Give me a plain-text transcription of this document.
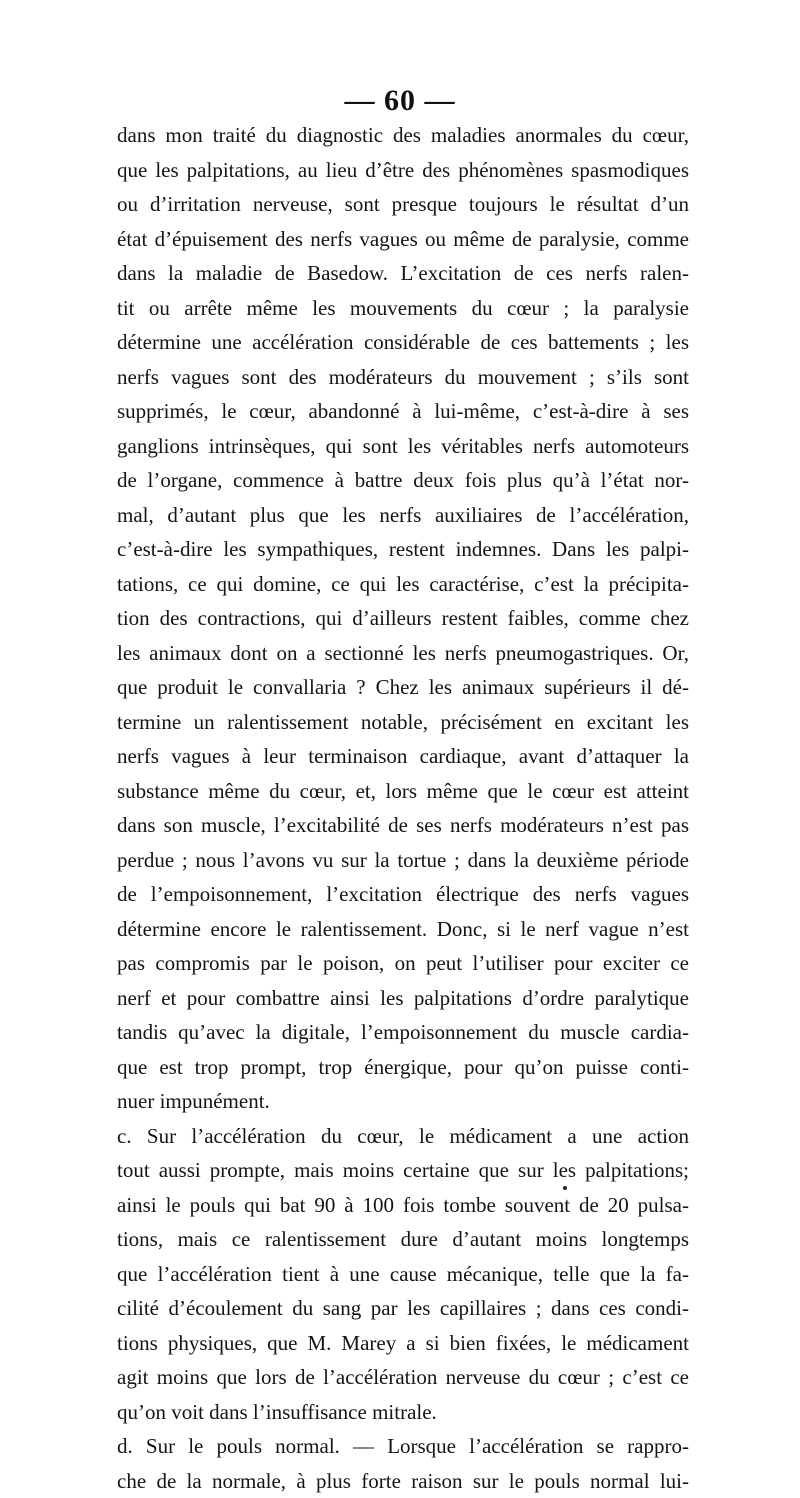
— 60 —
dans mon traité du diagnostic des maladies anormales du cœur,
que les palpitations, au lieu d’être des phénomènes spasmodiques
ou d’irritation nerveuse, sont presque toujours le résultat d’un
état d’épuisement des nerfs vagues ou même de paralysie, comme
dans la maladie de Basedow. L’excitation de ces nerfs ralen-
tit ou arrête même les mouvements du cœur ; la paralysie
détermine une accélération considérable de ces battements ; les
nerfs vagues sont des modérateurs du mouvement ; s’ils sont
supprimés, le cœur, abandonné à lui-même, c’est-à-dire à ses
ganglions intrinsèques, qui sont les véritables nerfs automoteurs
de l’organe, commence à battre deux fois plus qu’à l’état nor-
mal, d’autant plus que les nerfs auxiliaires de l’accélération,
c’est-à-dire les sympathiques, restent indemnes. Dans les palpi-
tations, ce qui domine, ce qui les caractérise, c’est la précipita-
tion des contractions, qui d’ailleurs restent faibles, comme chez
les animaux dont on a sectionné les nerfs pneumogastriques. Or,
que produit le convallaria ? Chez les animaux supérieurs il dé-
termine un ralentissement notable, précisément en excitant les
nerfs vagues à leur terminaison cardiaque, avant d’attaquer la
substance même du cœur, et, lors même que le cœur est atteint
dans son muscle, l’excitabilité de ses nerfs modérateurs n’est pas
perdue ; nous l’avons vu sur la tortue ; dans la deuxième période
de l’empoisonnement, l’excitation électrique des nerfs vagues
détermine encore le ralentissement. Donc, si le nerf vague n’est
pas compromis par le poison, on peut l’utiliser pour exciter ce
nerf et pour combattre ainsi les palpitations d’ordre paralytique
tandis qu’avec la digitale, l’empoisonnement du muscle cardia-
que est trop prompt, trop énergique, pour qu’on puisse conti-
nuer impunément.
c. Sur l’accélération du cœur, le médicament a une action
tout aussi prompte, mais moins certaine que sur les palpitations;
ainsi le pouls qui bat 90 à 100 fois tombe souvent de 20 pulsa-
tions, mais ce ralentissement dure d’autant moins longtemps
que l’accélération tient à une cause mécanique, telle que la fa-
cilité d’écoulement du sang par les capillaires ; dans ces condi-
tions physiques, que M. Marey a si bien fixées, le médicament
agit moins que lors de l’accélération nerveuse du cœur ; c’est ce
qu’on voit dans l’insuffisance mitrale.
d. Sur le pouls normal. — Lorsque l’accélération se rappro-
che de la normale, à plus forte raison sur le pouls normal lui-
